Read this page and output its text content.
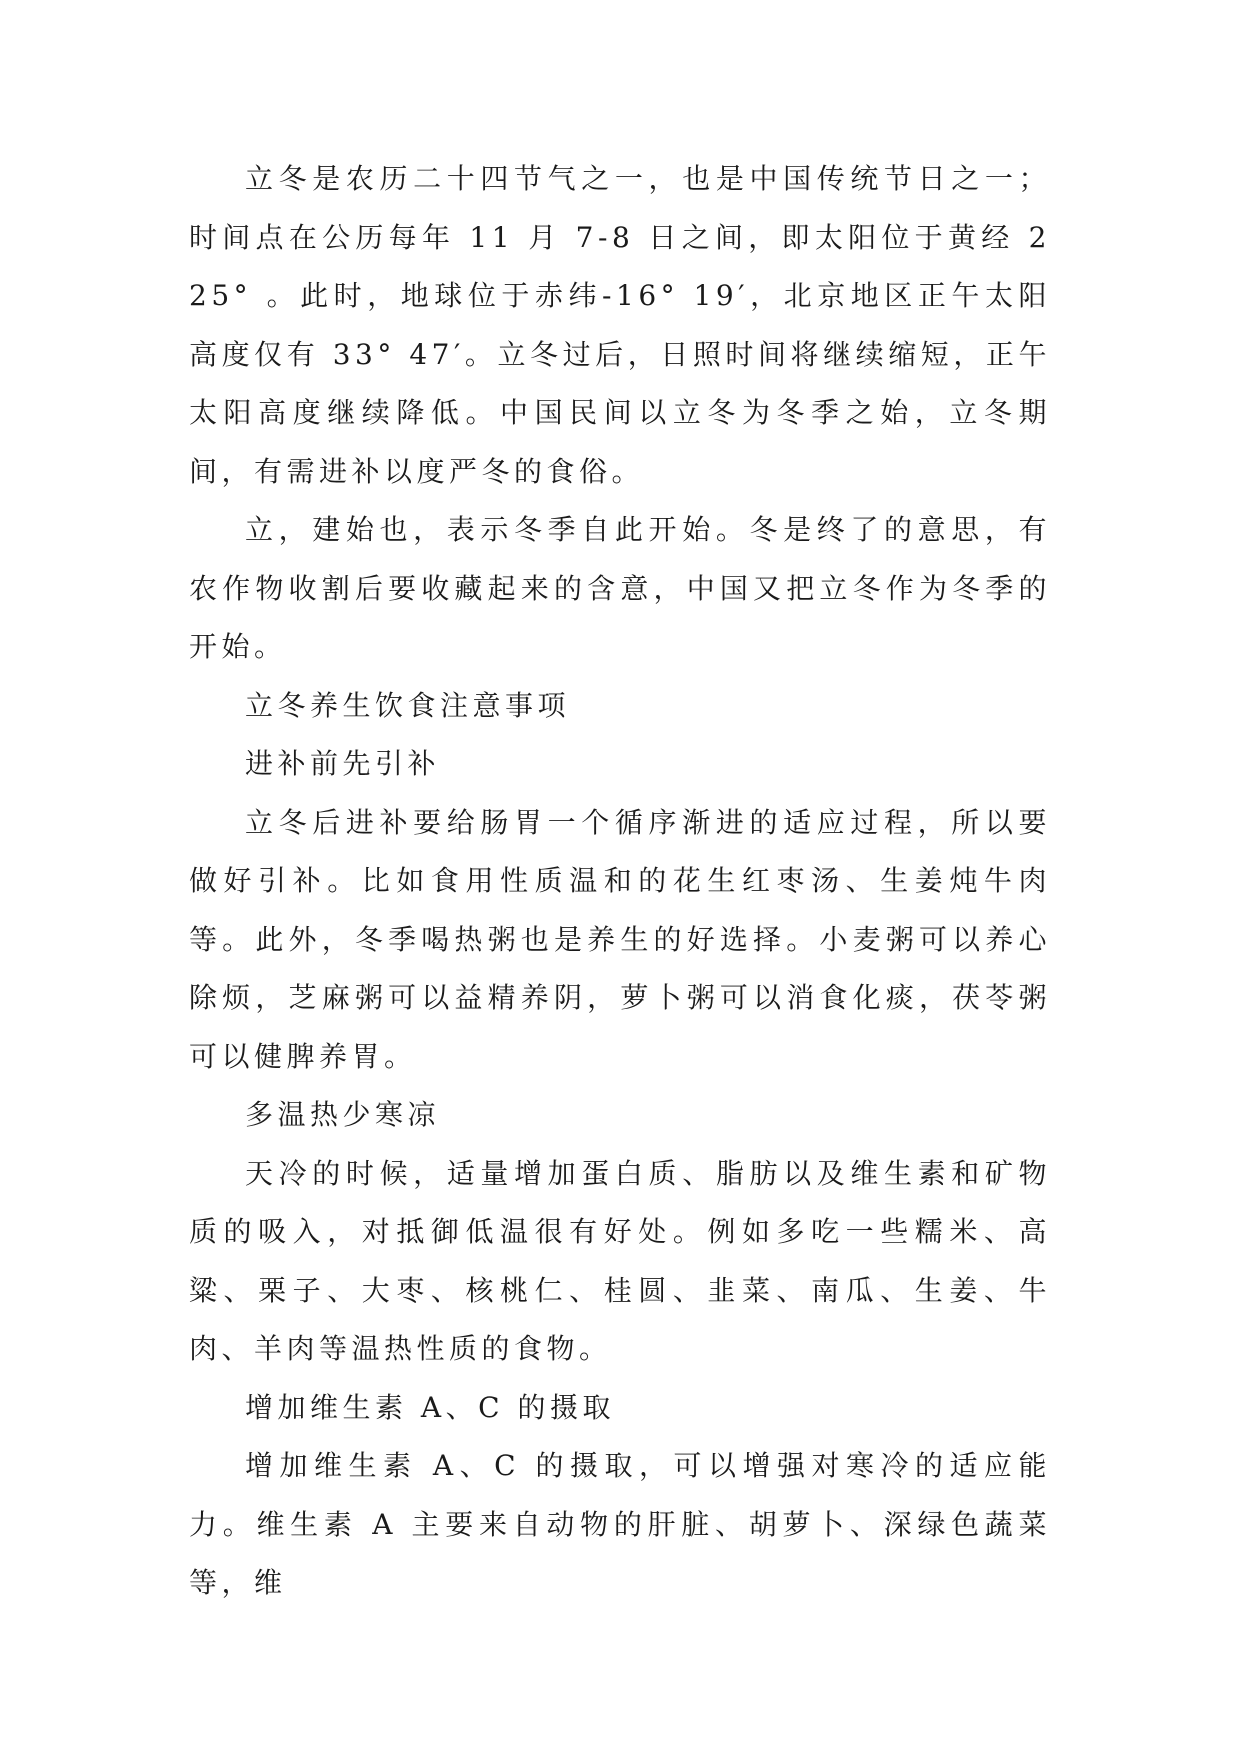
立冬是农历二十四节气之一，也是中国传统节日之一；时间点在公历每年 11 月 7-8 日之间，即太阳位于黄经 225° 。此时，地球位于赤纬-16° 19′，北京地区正午太阳高度仅有 33° 47′。立冬过后，日照时间将继续缩短，正午太阳高度继续降低。中国民间以立冬为冬季之始，立冬期间，有需进补以度严冬的食俗。

立，建始也，表示冬季自此开始。冬是终了的意思，有农作物收割后要收藏起来的含意，中国又把立冬作为冬季的开始。

立冬养生饮食注意事项

进补前先引补

立冬后进补要给肠胃一个循序渐进的适应过程，所以要做好引补。比如食用性质温和的花生红枣汤、生姜炖牛肉等。此外，冬季喝热粥也是养生的好选择。小麦粥可以养心除烦，芝麻粥可以益精养阴，萝卜粥可以消食化痰，茯苓粥可以健脾养胃。

多温热少寒凉

天冷的时候，适量增加蛋白质、脂肪以及维生素和矿物质的吸入，对抵御低温很有好处。例如多吃一些糯米、高粱、栗子、大枣、核桃仁、桂圆、韭菜、南瓜、生姜、牛肉、羊肉等温热性质的食物。

增加维生素 A、C 的摄取

增加维生素 A、C 的摄取，可以增强对寒冷的适应能力。维生素 A 主要来自动物的肝脏、胡萝卜、深绿色蔬菜等，维
